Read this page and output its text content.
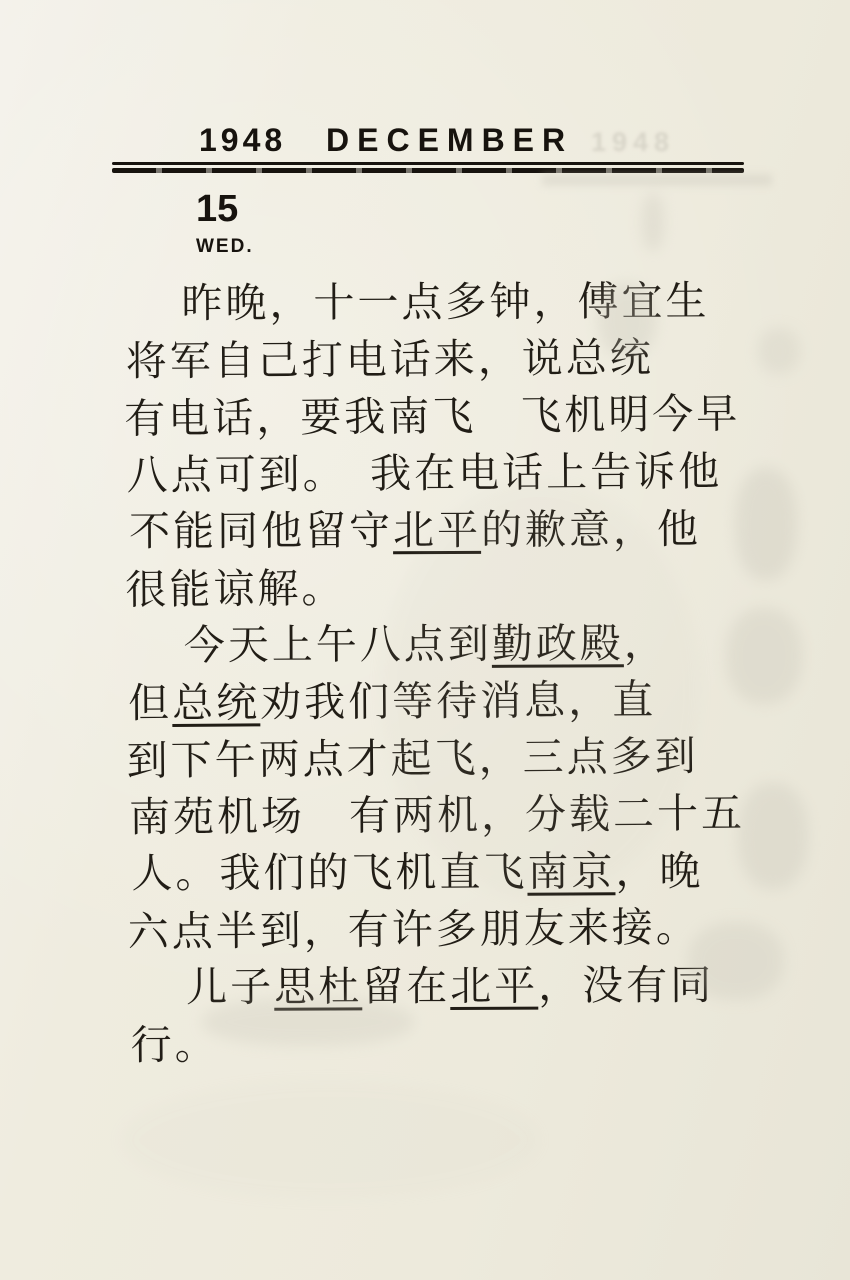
1948 DECEMBER
15
WED.
昨晚，十一点多钟，傅宜生
将军自己打电话来，说总统
有电话，要我南飞　飞机明今早
八点可到。　我在电话上告诉他
不能同他留守北平的歉意，他
很能谅解。
今天上午八点到勤政殿，
但总统劝我们等待消息，直
到下午两点才起飞，三点多到
南苑机场　有两机，分载二十五
人。我们的飞机直飞南京，晚
六点半到，有许多朋友来接。
儿子思杜留在北平，没有同
行。
1948
